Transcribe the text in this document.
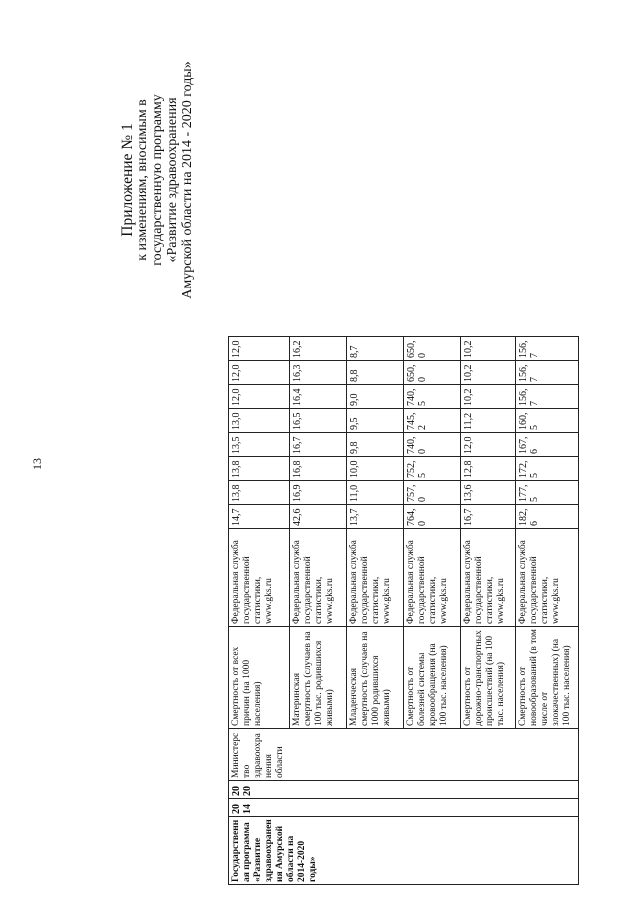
13
Приложение № 1 к изменениям, вносимым в государственную программу «Развитие здравоохранения Амурской области на 2014 - 2020 годы»
Государственная программа «Развитие здравоохранения Амурской области на 2014-2020 годы»	2014	2020	Министерство здравоохранения области	Смертность от всех причин (на 1000 населения)	Федеральная служба государственной статистики, www.gks.ru	14,7	13,8	13,8	13,5	13,0	12,0	12,0	12,0	
				Материнская смертность (случаев на 100 тыс. родившихся живыми)	Федеральная служба государственной статистики, www.gks.ru	42,6	16,9	16,8	16,7	16,5	16,4	16,3	16,2	
				Младенческая смертность (случаев на 1000 родившихся живыми)	Федеральная служба государственной статистики, www.gks.ru	13,7	11,0	10,0	9,8	9,5	9,0	8,8	8,7	
				Смертность от болезней системы кровообращения (на 100 тыс. населения)	Федеральная служба государственной статистики, www.gks.ru	764,0	757,0	752,5	740,0	745,2	740,5	650,0	650,0	
				Смертность от дорожно-транспортных происшествий (на 100 тыс. населения)	Федеральная служба государственной статистики, www.gks.ru	16,7	13,6	12,8	12,0	11,2	10,2	10,2	10,2	
				Смертность от новообразований (в том числе от злокачественных) (на 100 тыс. населения)	Федеральная служба государственной статистики, www.gks.ru	182,6	177,5	172,5	167,6	160,5	156,7	156,7	156,7	
